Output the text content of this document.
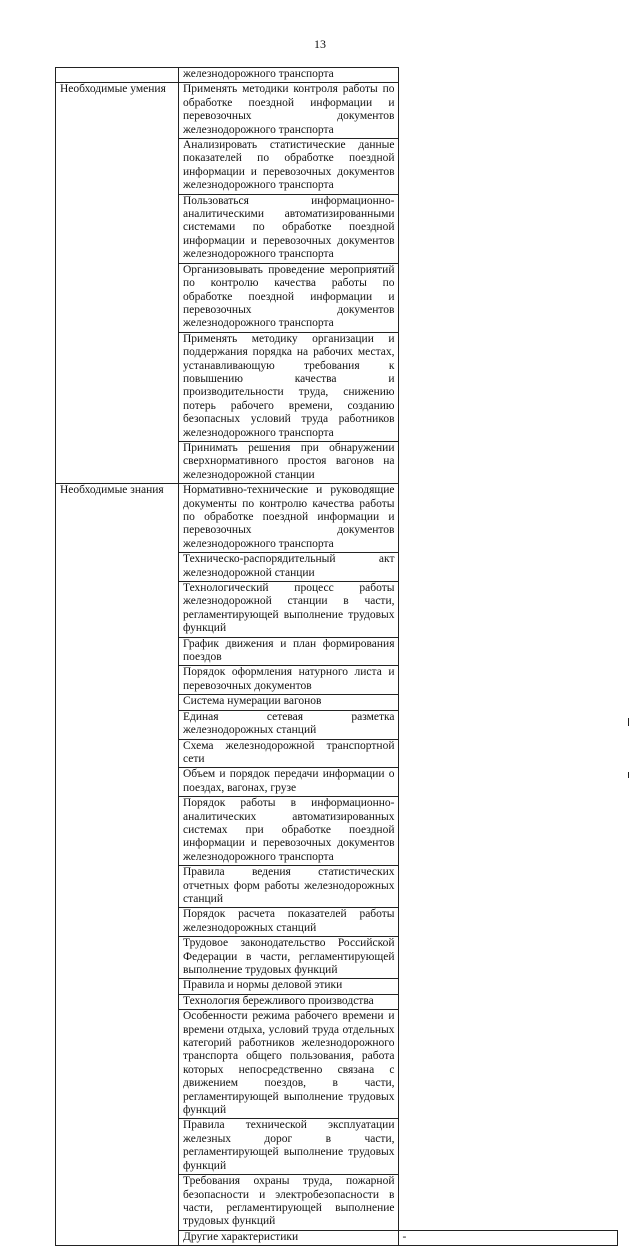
13
	железнодорожного транспорта	
Необходимые умения	Применять методики контроля работы по обработке поездной информации и перевозочных документов железнодорожного транспорта	
	Анализировать статистические данные показателей по обработке поездной информации и перевозочных документов железнодорожного транспорта	
	Пользоваться информационно-аналитическими автоматизированными системами по обработке поездной информации и перевозочных документов железнодорожного транспорта	
	Организовывать проведение мероприятий по контролю качества работы по обработке поездной информации и перевозочных документов железнодорожного транспорта	
	Применять методику организации и поддержания порядка на рабочих местах, устанавливающую требования к повышению качества и производительности труда, снижению потерь рабочего времени, созданию безопасных условий труда работников железнодорожного транспорта	
	Принимать решения при обнаружении сверхнормативного простоя вагонов на железнодорожной станции	
Необходимые знания	Нормативно-технические и руководящие документы по контролю качества работы по обработке поездной информации и перевозочных документов железнодорожного транспорта	
	Техническо-распорядительный акт железнодорожной станции	
	Технологический процесс работы железнодорожной станции в части, регламентирующей выполнение трудовых функций	
	График движения и план формирования поездов	
	Порядок оформления натурного листа и перевозочных документов	
	Система нумерации вагонов	
	Единая сетевая разметка железнодорожных станций	
	Схема железнодорожной транспортной сети	
	Объем и порядок передачи информации о поездах, вагонах, грузе	
	Порядок работы в информационно-аналитических автоматизированных системах при обработке поездной информации и перевозочных документов железнодорожного транспорта	
	Правила ведения статистических отчетных форм работы железнодорожных станций	
	Порядок расчета показателей работы железнодорожных станций	
	Трудовое законодательство Российской Федерации в части, регламентирующей выполнение трудовых функций	
	Правила и нормы деловой этики	
	Технология бережливого производства	
	Особенности режима рабочего времени и времени отдыха, условий труда отдельных категорий работников железнодорожного транспорта общего пользования, работа которых непосредственно связана с движением поездов, в части, регламентирующей выполнение трудовых функций	
	Правила технической эксплуатации железных дорог в части, регламентирующей выполнение трудовых функций	
	Требования охраны труда, пожарной безопасности и электробезопасности в части, регламентирующей выполнение трудовых функций	
	Другие характеристики	-
